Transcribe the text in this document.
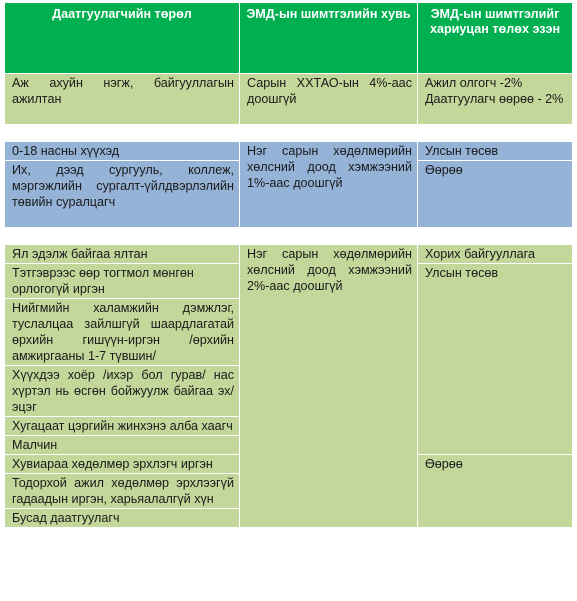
Даатгуулагчийн төрөл	ЭМД-ын шимтгэлийн хувь	ЭМД-ын шимтгэлийг хариуцан төлөх эзэн
Аж ахуйн нэгж, байгууллагын ажилтан	Сарын ХХТАО-ын 4%-аас доошгүй	Ажил олгогч -2%
Даатгуулагч өөрөө - 2%

0-18 насны хүүхэд	Нэг сарын хөдөлмөрийн хөлсний доод хэмжээний 1%-аас доошгүй	Улсын төсөв
Их, дээд сургууль, коллеж, мэргэжлийн сургалт-үйлдвэрлэлийн төвийн суралцагч		Өөрөө

Ял эдэлж байгаа ялтан	Нэг сарын хөдөлмөрийн хөлсний доод хэмжээний 2%-аас доошгүй	Хорих байгууллага
Тэтгэврээс өөр тогтмол мөнгөн орлогогүй иргэн		Улсын төсөв
Нийгмийн халамжийн дэмжлэг, туслалцаа зайлшгүй шаардлагатай өрхийн гишүүн-иргэн /өрхийн амжиргааны 1-7 түвшин/		
Хүүхдээ хоёр /ихэр бол гурав/ нас хүртэл нь өсгөн бойжуулж байгаа эх/эцэг		
Хугацаат цэргийн жинхэнэ алба хаагч		
Малчин		
Хувиараа хөдөлмөр эрхлэгч иргэн		Өөрөө
Тодорхой ажил хөдөлмөр эрхлээгүй гадаадын иргэн, харьяалалгүй хүн		
Бусад даатгуулагч		
